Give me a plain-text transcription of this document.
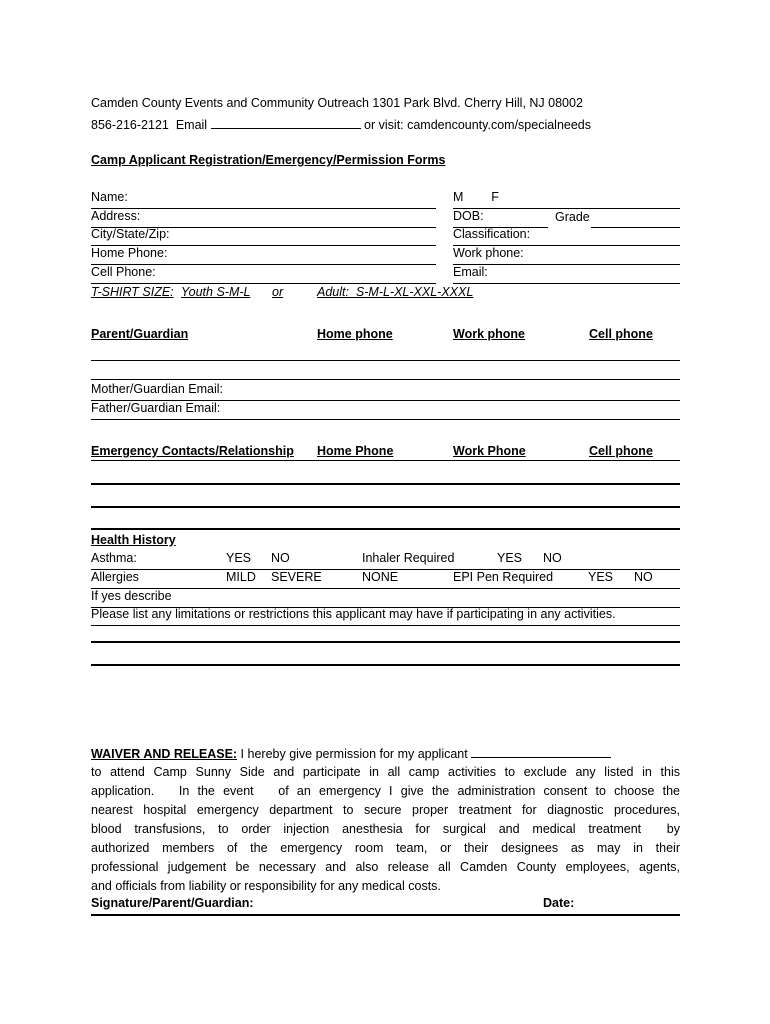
Camden County Events and Community Outreach 1301 Park Blvd. Cherry Hill, NJ 08002
856-216-2121 Email	or visit: camdencounty.com/specialneeds
Camp Applicant Registration/Emergency/Permission Forms
Name:	M        F
Address:	DOB:	Grade
City/State/Zip:	Classification:
Home Phone:	Work phone:
Cell Phone:	Email:
T-SHIRT SIZE: Youth S-M-L or	Adult:  S-M-L-XL-XXL-XXXL
Parent/Guardian	Home phone	Work phone	Cell phone
Mother/Guardian Email:
Father/Guardian Email:
Emergency Contacts/Relationship Home Phone	Work Phone	Cell phone
Health History
Asthma:	YES NO	Inhaler Required	YES NO
Allergies	MILD SEVERE	NONE	EPI Pen Required	YES NO
If yes describe
Please list any limitations or restrictions this applicant may have if participating in any activities.
WAIVER AND RELEASE: I hereby give permission for my applicant
to attend Camp Sunny Side and participate in all camp activities to exclude any listed in this
application.   In the event   of an emergency I give the administration consent to choose the
nearest hospital emergency department to secure proper treatment for diagnostic procedures,
blood transfusions, to order injection anesthesia for surgical and medical treatment  by
authorized members of the emergency room team, or their designees as may in their
professional judgement be necessary and also release all Camden County employees, agents,
and officials from liability or responsibility for any medical costs.
Signature/Parent/Guardian:	Date:
